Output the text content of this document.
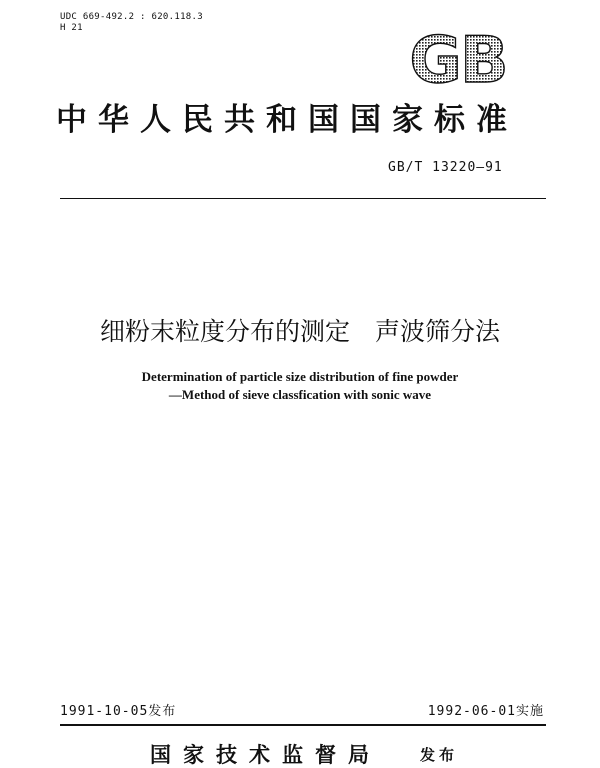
UDC 669-492.2 : 620.118.3
H 21	GB
中华人民共和国国家标准
GB/T 13220—91
细粉末粒度分布的测定　声波筛分法
Determination of particle size distribution of fine powder
—Method of sieve classfication with sonic wave
1991-10-05发布	1992-06-01实施
国家技术监督局	发布
